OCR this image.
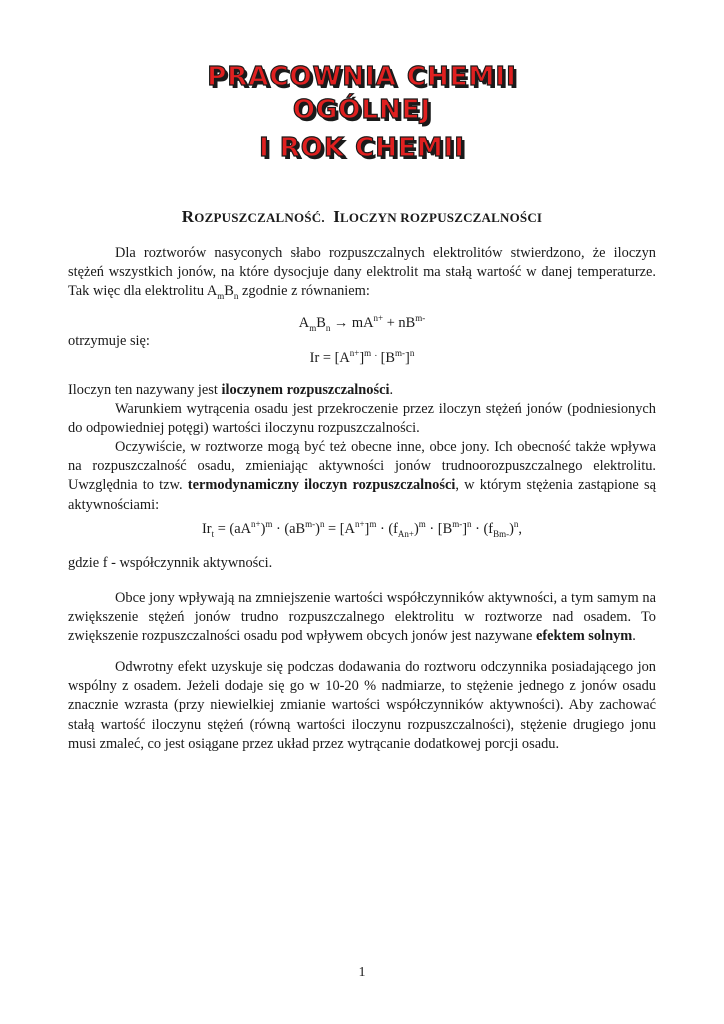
PRACOWNIA CHEMII
OGÓLNEJ
I ROK CHEMII
ROZPUSZCZALNOŚĆ. ILOCZYN ROZPUSZCZALNOŚCI
Dla roztworów nasyconych słabo rozpuszczalnych elektrolitów stwierdzono, że iloczyn stężeń wszystkich jonów, na które dysocjuje dany elektrolit ma stałą wartość w danej temperaturze. Tak więc dla elektrolitu $A_mB_n$ zgodnie z równaniem:
$A_mB_n \to mA^{n+} + nB^{m-}$
otrzymuje się:
$Ir = [A^{n+}]^m$ . $[B^{m-}]^n$
Iloczyn ten nazywany jest iloczynem rozpuszczalności.
Warunkiem wytrącenia osadu jest przekroczenie przez iloczyn stężeń jonów (podniesionych do odpowiedniej potęgi) wartości iloczynu rozpuszczalności.
Oczywiście, w roztworze mogą być też obecne inne, obce jony. Ich obecność także wpływa na rozpuszczalność osadu, zmieniając aktywności jonów trudnoorozpuszczalnego elektrolitu. Uwzględnia to tzw. termodynamiczny iloczyn rozpuszczalności, w którym stężenia zastąpione są aktywnościami:
$Ir_t = (aA^{n+})^m \cdot (aB^{m-})^n = [A^{n+}]^m \cdot (f_{An+})^m \cdot [B^{m-}]^n \cdot (f_{Bm-})^n$,
gdzie f - współczynnik aktywności.
Obce jony wpływają na zmniejszenie wartości współczynników aktywności, a tym samym na zwiększenie stężeń jonów trudno rozpuszczalnego elektrolitu w roztworze nad osadem. To zwiększenie rozpuszczalności osadu pod wpływem obcych jonów jest nazywane efektem solnym.
Odwrotny efekt uzyskuje się podczas dodawania do roztworu odczynnika posiadającego jon wspólny z osadem. Jeżeli dodaje się go w 10-20 % nadmiarze, to stężenie jednego z jonów osadu znacznie wzrasta (przy niewielkiej zmianie wartości współczynników aktywności). Aby zachować stałą wartość iloczynu stężeń (równą wartości iloczynu rozpuszczalności), stężenie drugiego jonu musi zmaleć, co jest osiągane przez układ przez wytrącanie dodatkowej porcji osadu.
1
